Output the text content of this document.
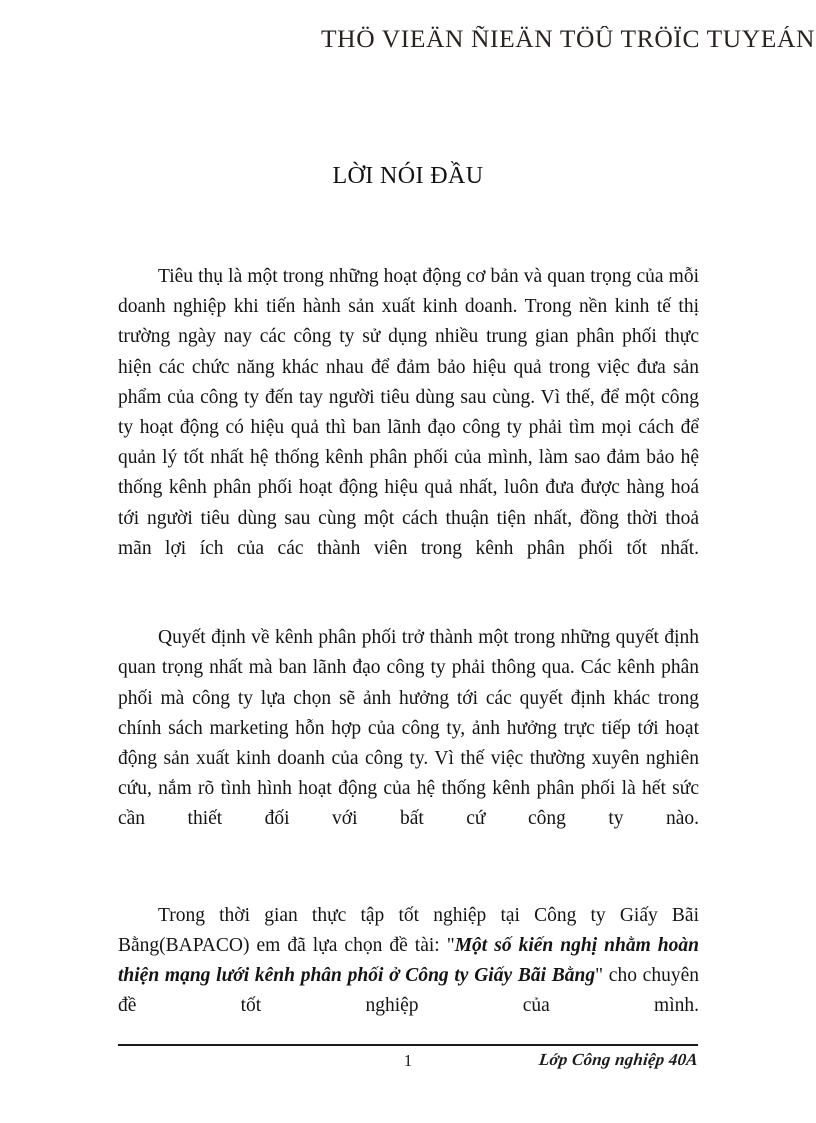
THÖ VIEÄN ÑIEÄN TÖÛ TRÖÏC TUYEÁN
LỜI NÓI ĐẦU

Tiêu thụ là một trong những hoạt động cơ bản và quan trọng của mỗi doanh nghiệp khi tiến hành sản xuất kinh doanh. Trong nền kinh tế thị trường ngày nay các công ty sử dụng nhiều trung gian phân phối thực hiện các chức năng khác nhau để đảm bảo hiệu quả trong việc đưa sản phẩm của công ty đến tay người tiêu dùng sau cùng. Vì thế, để một công ty hoạt động có hiệu quả thì ban lãnh đạo công ty phải tìm mọi cách để quản lý tốt nhất hệ thống kênh phân phối của mình, làm sao đảm bảo hệ thống kênh phân phối hoạt động hiệu quả nhất, luôn đưa được hàng hoá tới người tiêu dùng sau cùng một cách thuận tiện nhất, đồng thời thoả mãn lợi ích của các thành viên trong kênh phân phối tốt nhất.

Quyết định về kênh phân phối trở thành một trong những quyết định quan trọng nhất mà ban lãnh đạo công ty phải thông qua. Các kênh phân phối mà công ty lựa chọn sẽ ảnh hưởng tới các quyết định khác trong chính sách marketing hỗn hợp của công ty, ảnh hưởng trực tiếp tới hoạt động sản xuất kinh doanh của công ty. Vì thế việc thường xuyên nghiên cứu, nắm rõ tình hình hoạt động của hệ thống kênh phân phối là hết sức cần thiết đối với bất cứ công ty nào.

Trong thời gian thực tập tốt nghiệp tại Công ty Giấy Bãi Bằng(BAPACO) em đã lựa chọn đề tài: "Một số kiến nghị nhằm hoàn thiện mạng lưới kênh phân phối ở Công ty Giấy Bãi Bằng" cho chuyên đề tốt nghiệp của mình.

1	Lớp Công nghiệp 40A
